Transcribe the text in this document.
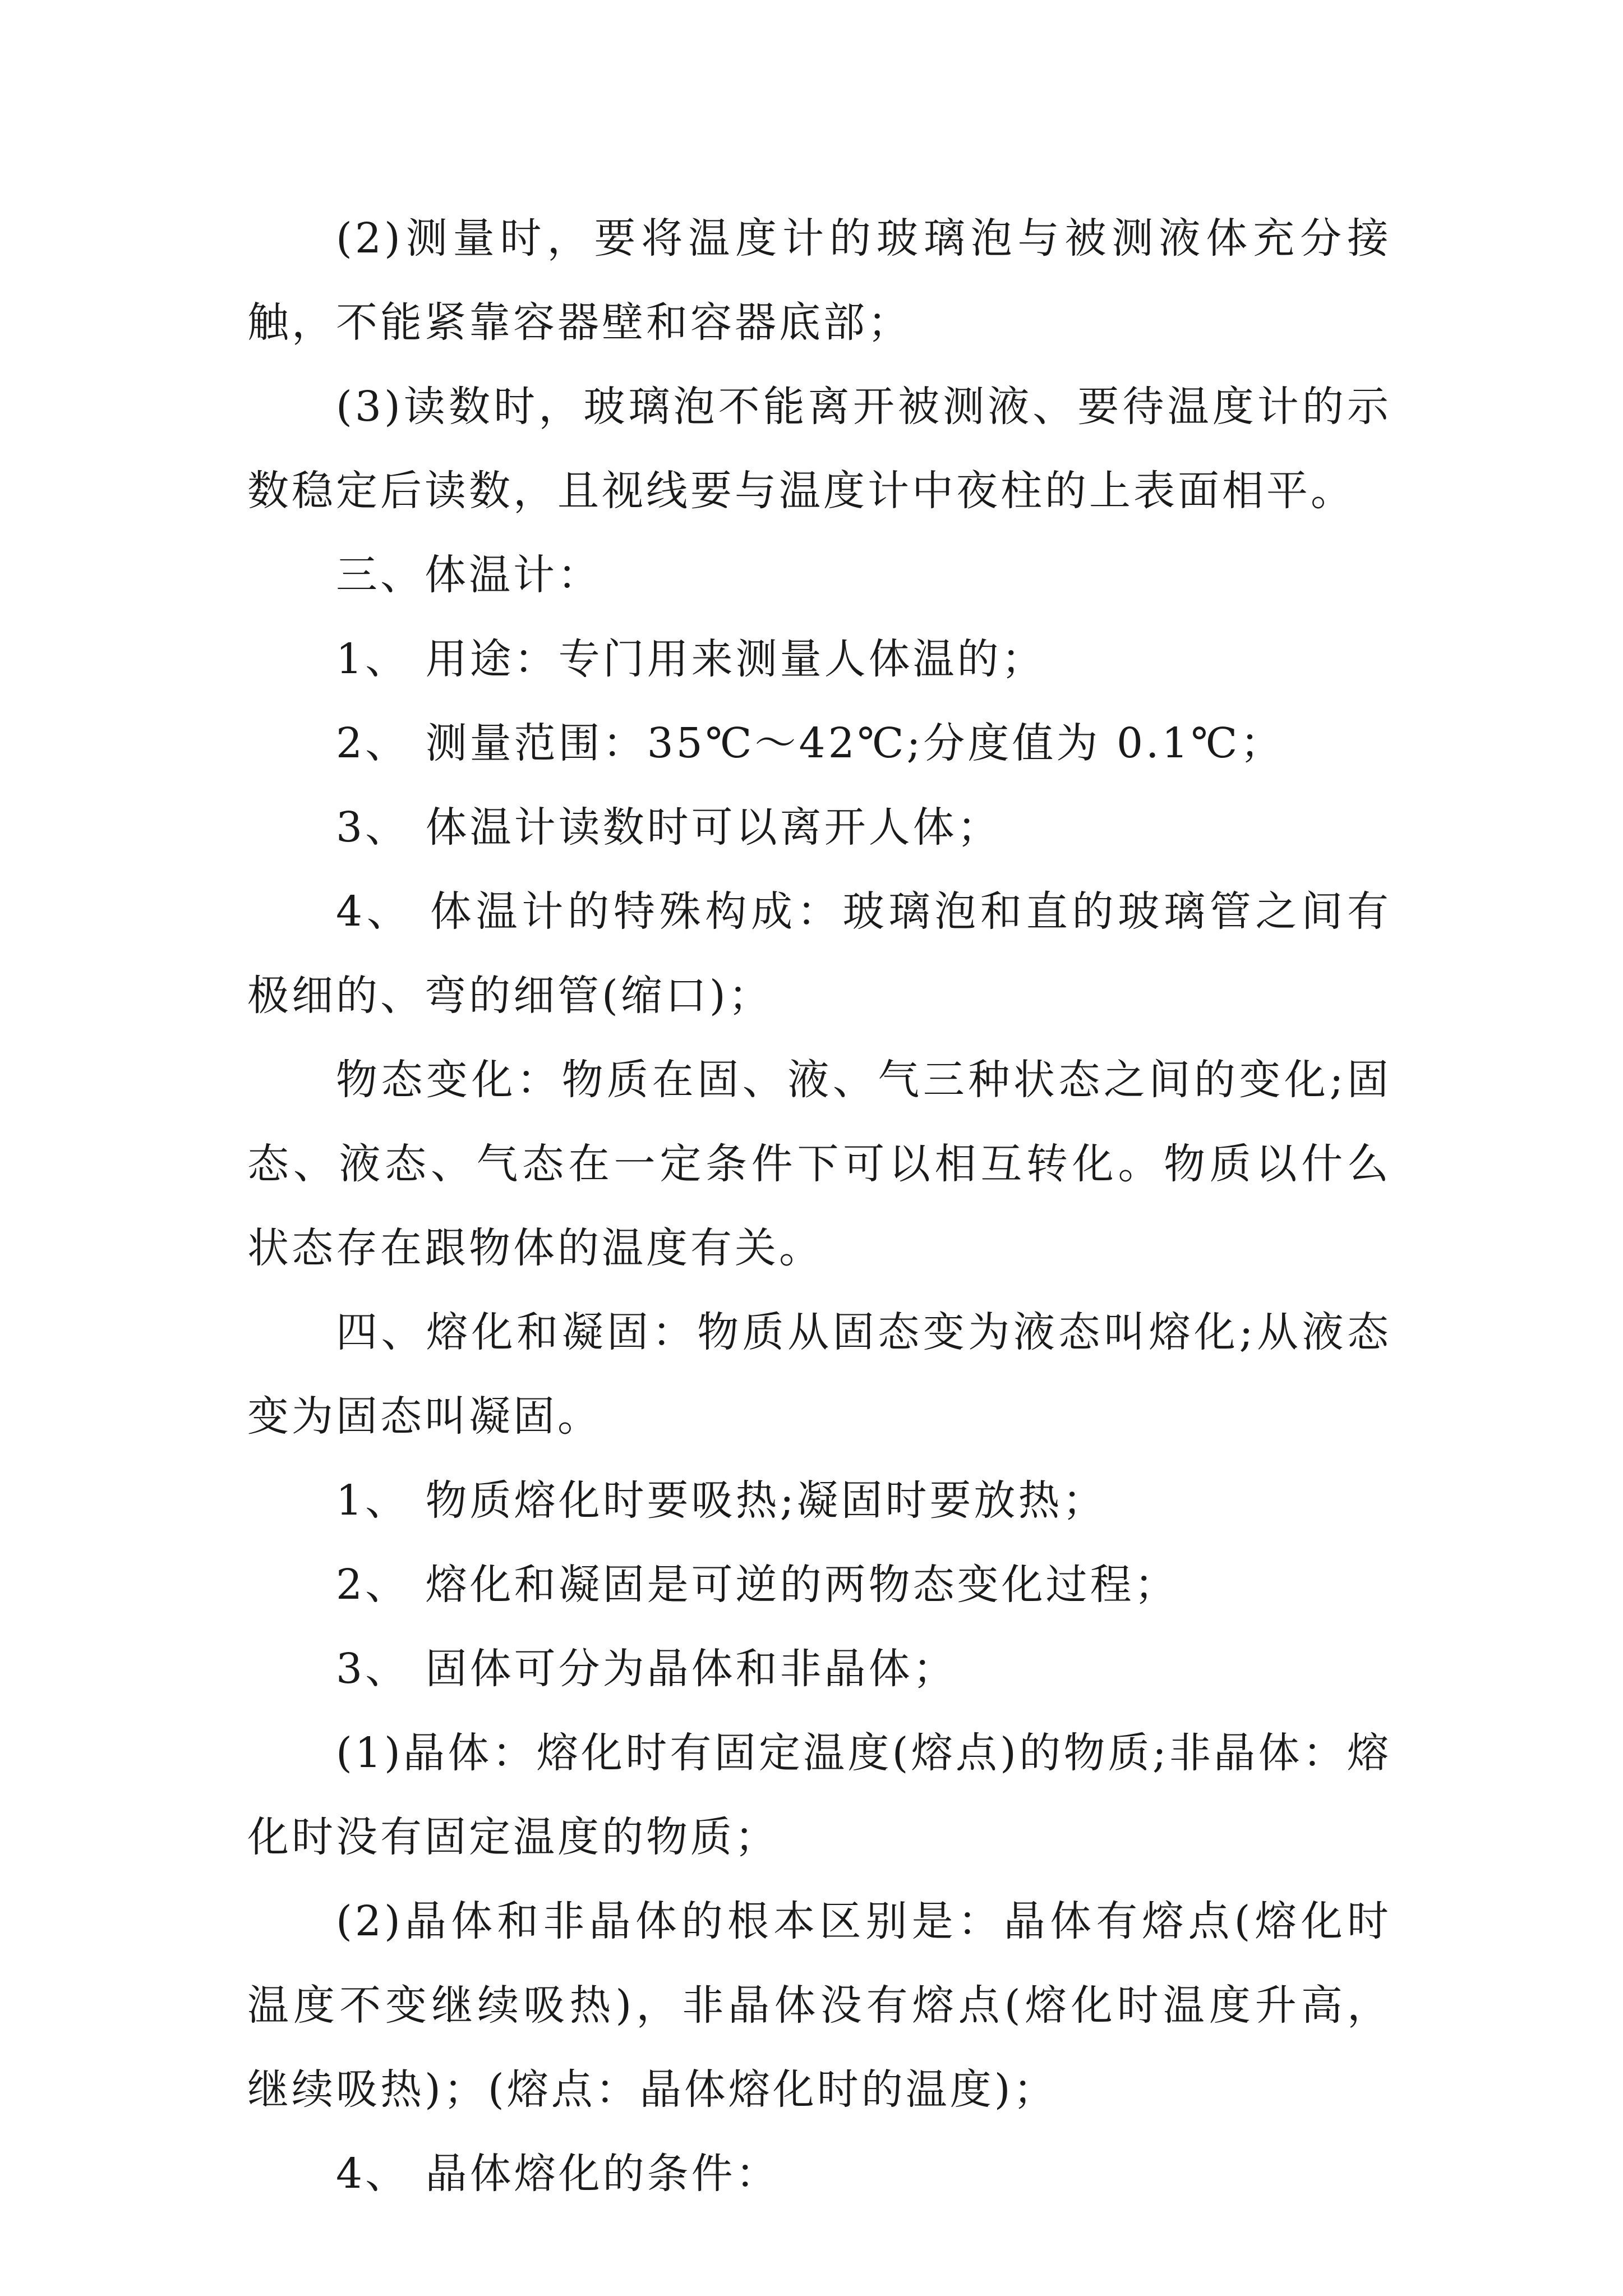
(2)测量时，要将温度计的玻璃泡与被测液体充分接触，不能紧靠容器壁和容器底部；

(3)读数时，玻璃泡不能离开被测液、要待温度计的示数稳定后读数，且视线要与温度计中夜柱的上表面相平。

三、体温计：

1、 用途：专门用来测量人体温的；

2、 测量范围：35℃～42℃;分度值为 0.1℃；

3、 体温计读数时可以离开人体；

4、 体温计的特殊构成：玻璃泡和直的玻璃管之间有极细的、弯的细管(缩口)；

物态变化：物质在固、液、气三种状态之间的变化;固态、液态、气态在一定条件下可以相互转化。物质以什么状态存在跟物体的温度有关。

四、熔化和凝固：物质从固态变为液态叫熔化;从液态变为固态叫凝固。

1、 物质熔化时要吸热;凝固时要放热；

2、 熔化和凝固是可逆的两物态变化过程；

3、 固体可分为晶体和非晶体；

(1)晶体：熔化时有固定温度(熔点)的物质;非晶体：熔化时没有固定温度的物质；

(2)晶体和非晶体的根本区别是：晶体有熔点(熔化时温度不变继续吸热)，非晶体没有熔点(熔化时温度升高，继续吸热)；(熔点：晶体熔化时的温度)；

4、 晶体熔化的条件：
